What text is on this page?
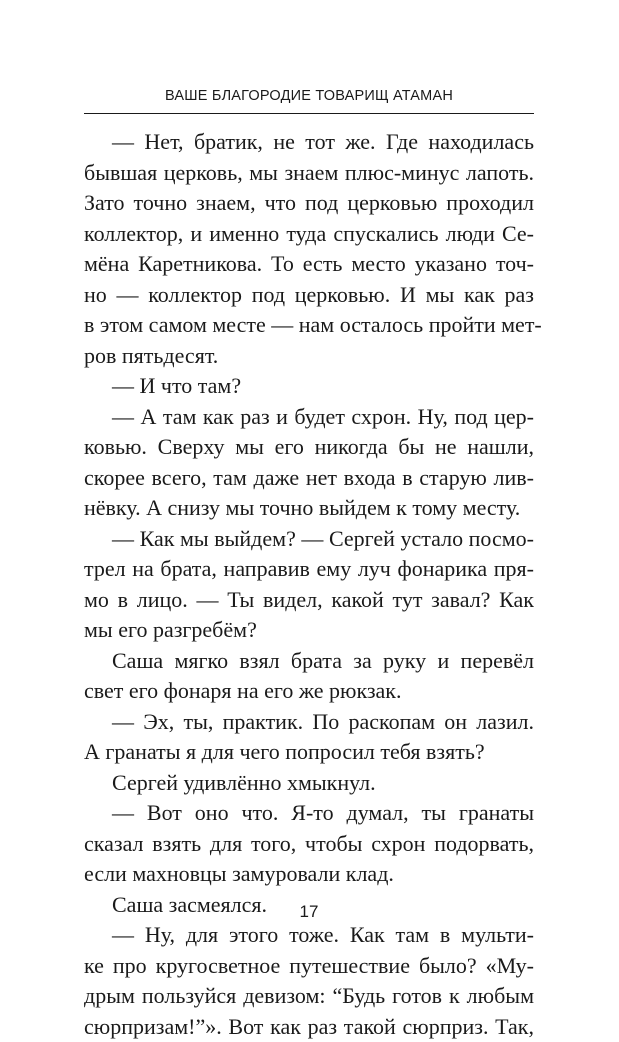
ВАШЕ БЛАГОРОДИЕ ТОВАРИЩ АТАМАН
— Нет, братик, не тот же. Где находилась
бывшая церковь, мы знаем плюс-минус лапоть.
Зато точно знаем, что под церковью проходил
коллектор, и именно туда спускались люди Се-
мёна Каретникова. То есть место указано точ-
но — коллектор под церковью. И мы как раз
в этом самом месте — нам осталось пройти мет-
ров пятьдесят.
— И что там?
— А там как раз и будет схрон. Ну, под цер-
ковью. Сверху мы его никогда бы не нашли,
скорее всего, там даже нет входа в старую лив-
нёвку. А снизу мы точно выйдем к тому месту.
— Как мы выйдем? — Сергей устало посмо-
трел на брата, направив ему луч фонарика пря-
мо в лицо. — Ты видел, какой тут завал? Как
мы его разгребём?
Саша мягко взял брата за руку и перевёл
свет его фонаря на его же рюкзак.
— Эх, ты, практик. По раскопам он лазил.
А гранаты я для чего попросил тебя взять?
Сергей удивлённо хмыкнул.
— Вот оно что. Я-то думал, ты гранаты
сказал взять для того, чтобы схрон подорвать,
если махновцы замуровали клад.
Саша засмеялся.
— Ну, для этого тоже. Как там в мульти-
ке про кругосветное путешествие было? «Му-
дрым пользуйся девизом: “Будь готов к любым
сюрпризам!”». Вот как раз такой сюрприз. Так,
17
